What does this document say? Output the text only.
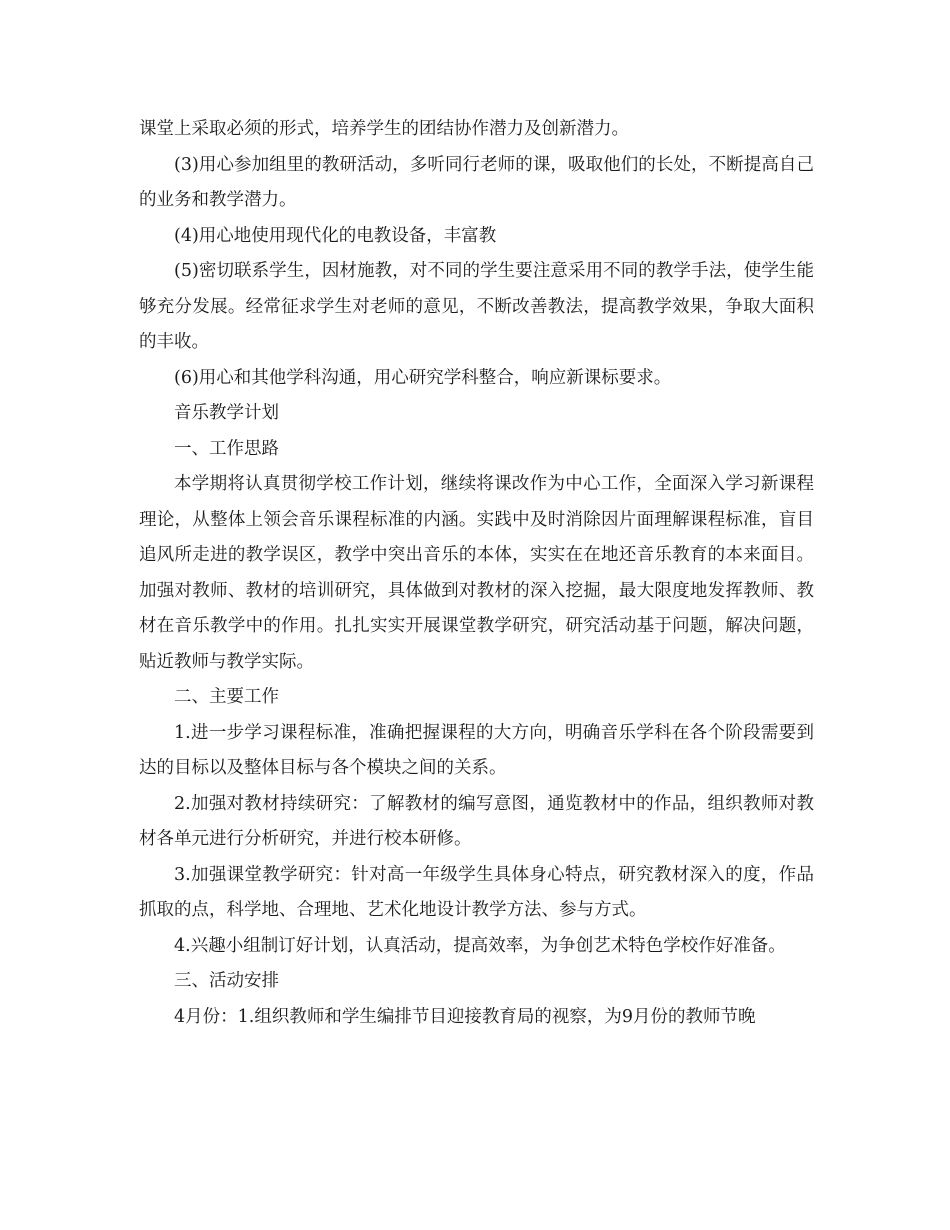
课堂上采取必须的形式，培养学生的团结协作潜力及创新潜力。

(3)用心参加组里的教研活动，多听同行老师的课，吸取他们的长处，不断提高自己的业务和教学潜力。

(4)用心地使用现代化的电教设备，丰富教

(5)密切联系学生，因材施教，对不同的学生要注意采用不同的教学手法，使学生能够充分发展。经常征求学生对老师的意见，不断改善教法，提高教学效果，争取大面积的丰收。

(6)用心和其他学科沟通，用心研究学科整合，响应新课标要求。

音乐教学计划

一、工作思路

本学期将认真贯彻学校工作计划，继续将课改作为中心工作，全面深入学习新课程理论，从整体上领会音乐课程标准的内涵。实践中及时消除因片面理解课程标准，盲目追风所走进的教学误区，教学中突出音乐的本体，实实在在地还音乐教育的本来面目。加强对教师、教材的培训研究，具体做到对教材的深入挖掘，最大限度地发挥教师、教材在音乐教学中的作用。扎扎实实开展课堂教学研究，研究活动基于问题，解决问题，贴近教师与教学实际。

二、主要工作

1.进一步学习课程标准，准确把握课程的大方向，明确音乐学科在各个阶段需要到达的目标以及整体目标与各个模块之间的关系。

2.加强对教材持续研究：了解教材的编写意图，通览教材中的作品，组织教师对教材各单元进行分析研究，并进行校本研修。

3.加强课堂教学研究：针对高一年级学生具体身心特点，研究教材深入的度，作品抓取的点，科学地、合理地、艺术化地设计教学方法、参与方式。

4.兴趣小组制订好计划，认真活动，提高效率，为争创艺术特色学校作好准备。

三、活动安排

4月份：1.组织教师和学生编排节目迎接教育局的视察，为9月份的教师节晚
